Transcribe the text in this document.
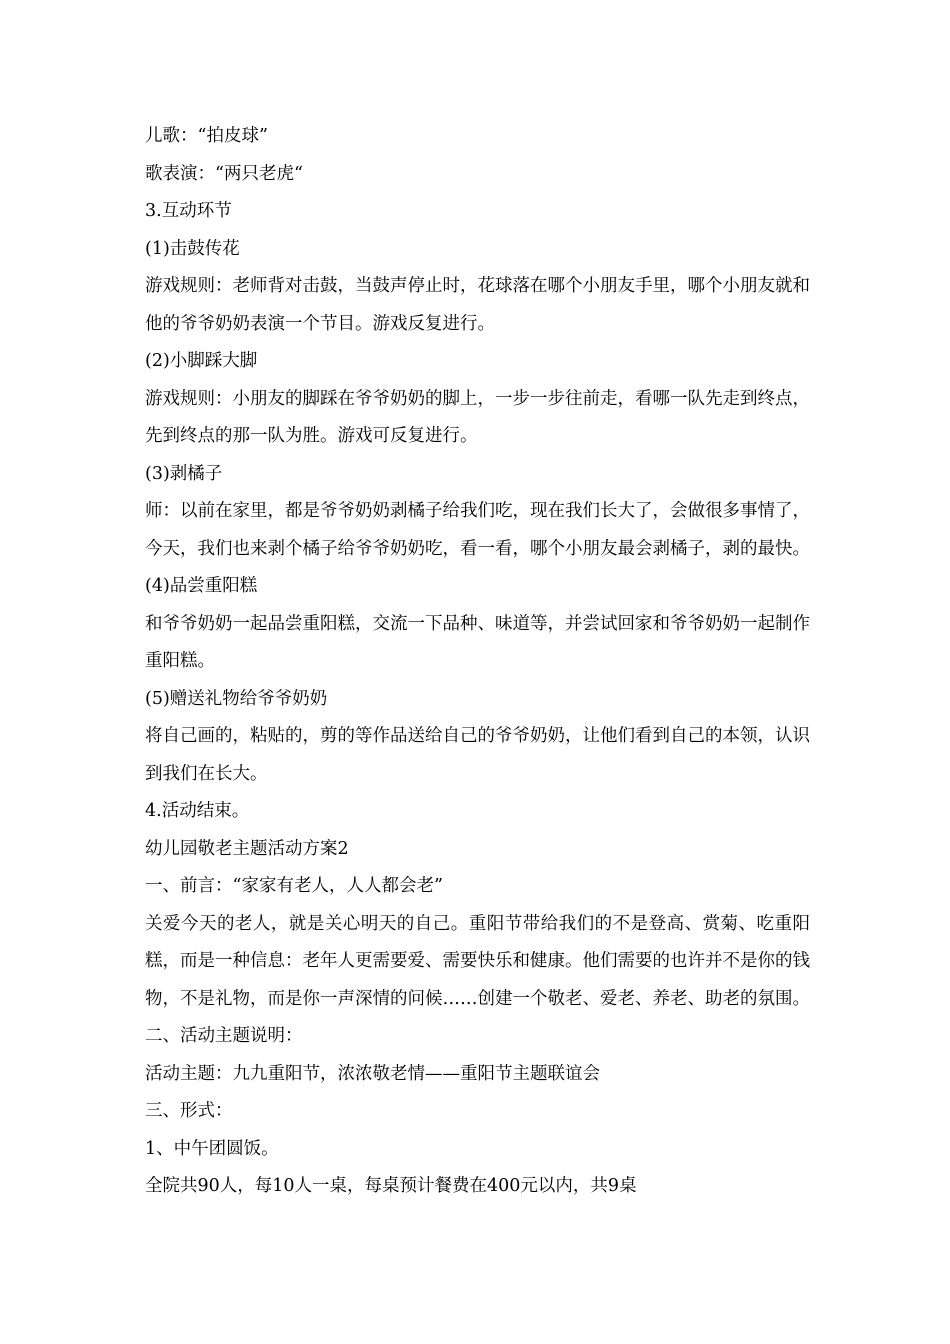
儿歌：“拍皮球”

歌表演：“两只老虎“

3.互动环节

(1)击鼓传花

游戏规则：老师背对击鼓，当鼓声停止时，花球落在哪个小朋友手里，哪个小朋友就和他的爷爷奶奶表演一个节目。游戏反复进行。

(2)小脚踩大脚

游戏规则：小朋友的脚踩在爷爷奶奶的脚上，一步一步往前走，看哪一队先走到终点，先到终点的那一队为胜。游戏可反复进行。

(3)剥橘子

师：以前在家里，都是爷爷奶奶剥橘子给我们吃，现在我们长大了，会做很多事情了，今天，我们也来剥个橘子给爷爷奶奶吃，看一看，哪个小朋友最会剥橘子，剥的最快。

(4)品尝重阳糕

和爷爷奶奶一起品尝重阳糕，交流一下品种、味道等，并尝试回家和爷爷奶奶一起制作重阳糕。

(5)赠送礼物给爷爷奶奶

将自己画的，粘贴的，剪的等作品送给自己的爷爷奶奶，让他们看到自己的本领，认识到我们在长大。

4.活动结束。

幼儿园敬老主题活动方案2

一、前言：“家家有老人，人人都会老”

关爱今天的老人，就是关心明天的自己。重阳节带给我们的不是登高、赏菊、吃重阳糕，而是一种信息：老年人更需要爱、需要快乐和健康。他们需要的也许并不是你的钱物，不是礼物，而是你一声深情的问候……创建一个敬老、爱老、养老、助老的氛围。

二、活动主题说明：

活动主题：九九重阳节，浓浓敬老情——重阳节主题联谊会

三、形式：

1、中午团圆饭。

全院共90人，每10人一桌，每桌预计餐费在400元以内，共9桌
